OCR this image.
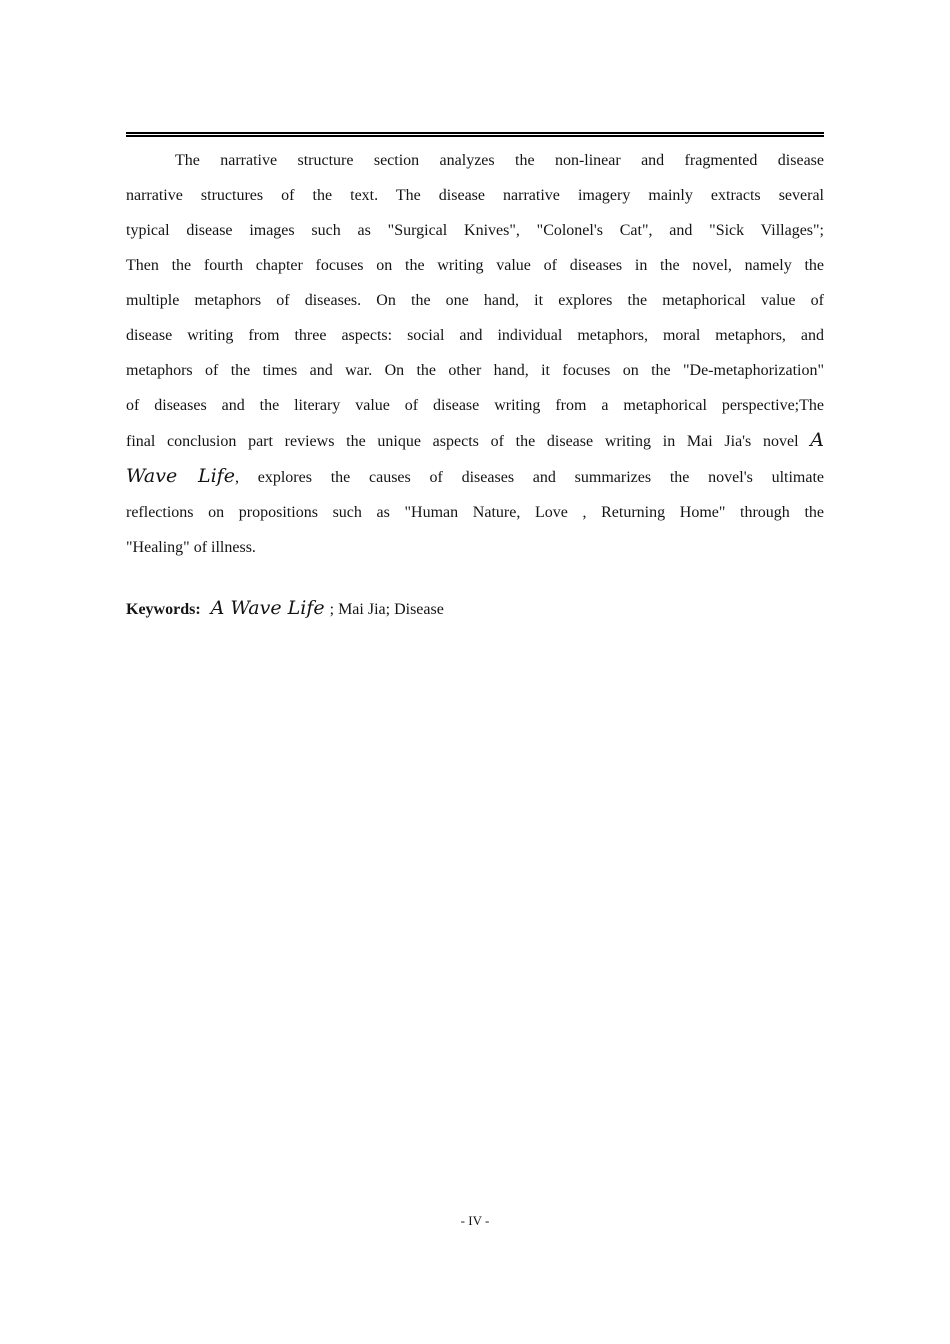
The narrative structure section analyzes the non-linear and fragmented disease
narrative structures of the text. The disease narrative imagery mainly extracts several
typical disease images such as "Surgical Knives", "Colonel's Cat", and "Sick Villages";
Then the fourth chapter focuses on the writing value of diseases in the novel, namely the
multiple metaphors of diseases. On the one hand, it explores the metaphorical value of
disease writing from three aspects: social and individual metaphors, moral metaphors, and
metaphors of the times and war. On the other hand, it focuses on the "De-metaphorization"
of diseases and the literary value of disease writing from a metaphorical perspective;The
final conclusion part reviews the unique aspects of the disease writing in Mai Jia's novel A
Wave Life, explores the causes of diseases and summarizes the novel's ultimate
reflections on propositions such as "Human Nature, Love , Returning Home" through the
"Healing" of illness.
Keywords: A Wave Life ; Mai Jia; Disease
- IV -
